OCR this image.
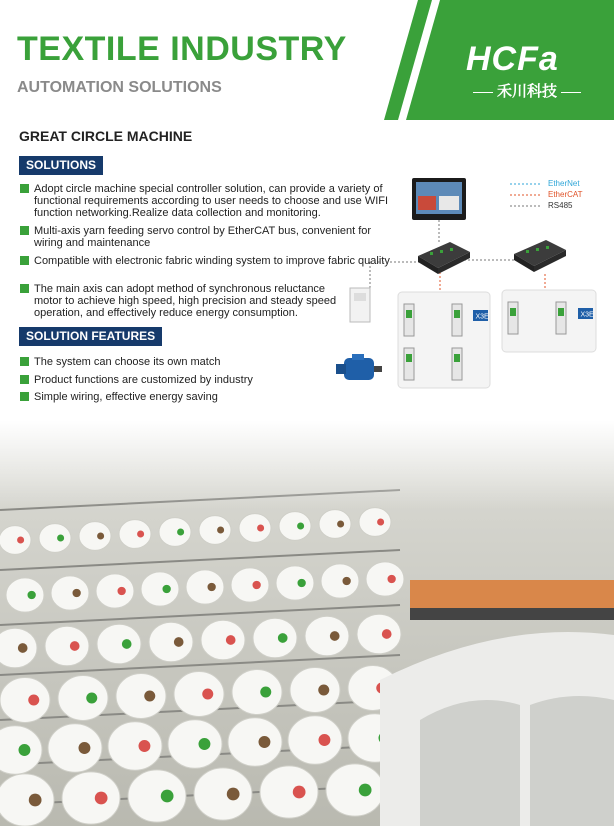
TEXTILE INDUSTRY
AUTOMATION SOLUTIONS
HCFa
禾川科技
GREAT CIRCLE MACHINE
SOLUTIONS
Adopt circle machine special controller solution, can provide a variety of functional requirements according to user needs to choose and use WIFI function networking.Realize data collection and monitoring.
Multi-axis yarn feeding servo control by EtherCAT bus, convenient for wiring and maintenance
Compatible with electronic fabric winding system to improve fabric quality
The main axis can adopt method of synchronous reluctance motor to achieve high speed, high precision and steady speed operation, and effectively reduce energy consumption.
SOLUTION FEATURES
The system can choose its own match
Product functions are customized by industry
Simple wiring, effective energy saving
EtherNet
EtherCAT
RS485
X3E	X3E
